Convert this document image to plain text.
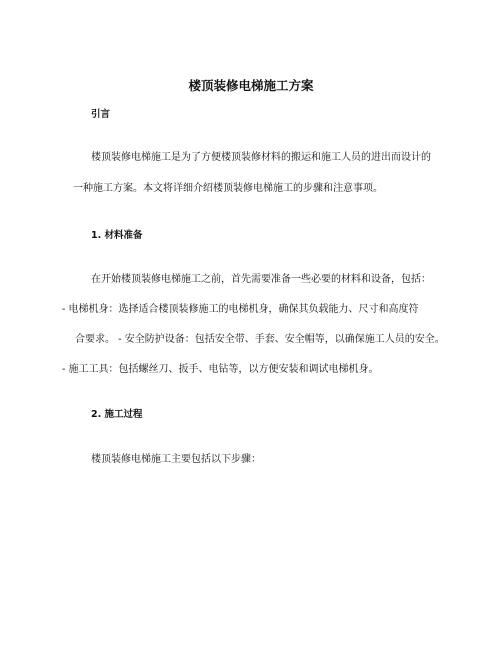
楼顶装修电梯施工方案
引言
楼顶装修电梯施工是为了方便楼顶装修材料的搬运和施工人员的进出而设计的
一种施工方案。本文将详细介绍楼顶装修电梯施工的步骤和注意事项。
1. 材料准备
在开始楼顶装修电梯施工之前，首先需要准备一些必要的材料和设备，包括：
- 电梯机身：选择适合楼顶装修施工的电梯机身，确保其负载能力、尺寸和高度符
合要求。 - 安全防护设备：包括安全带、手套、安全帽等，以确保施工人员的安全。
- 施工工具：包括螺丝刀、扳手、电钻等，以方便安装和调试电梯机身。
2. 施工过程
楼顶装修电梯施工主要包括以下步骤：
